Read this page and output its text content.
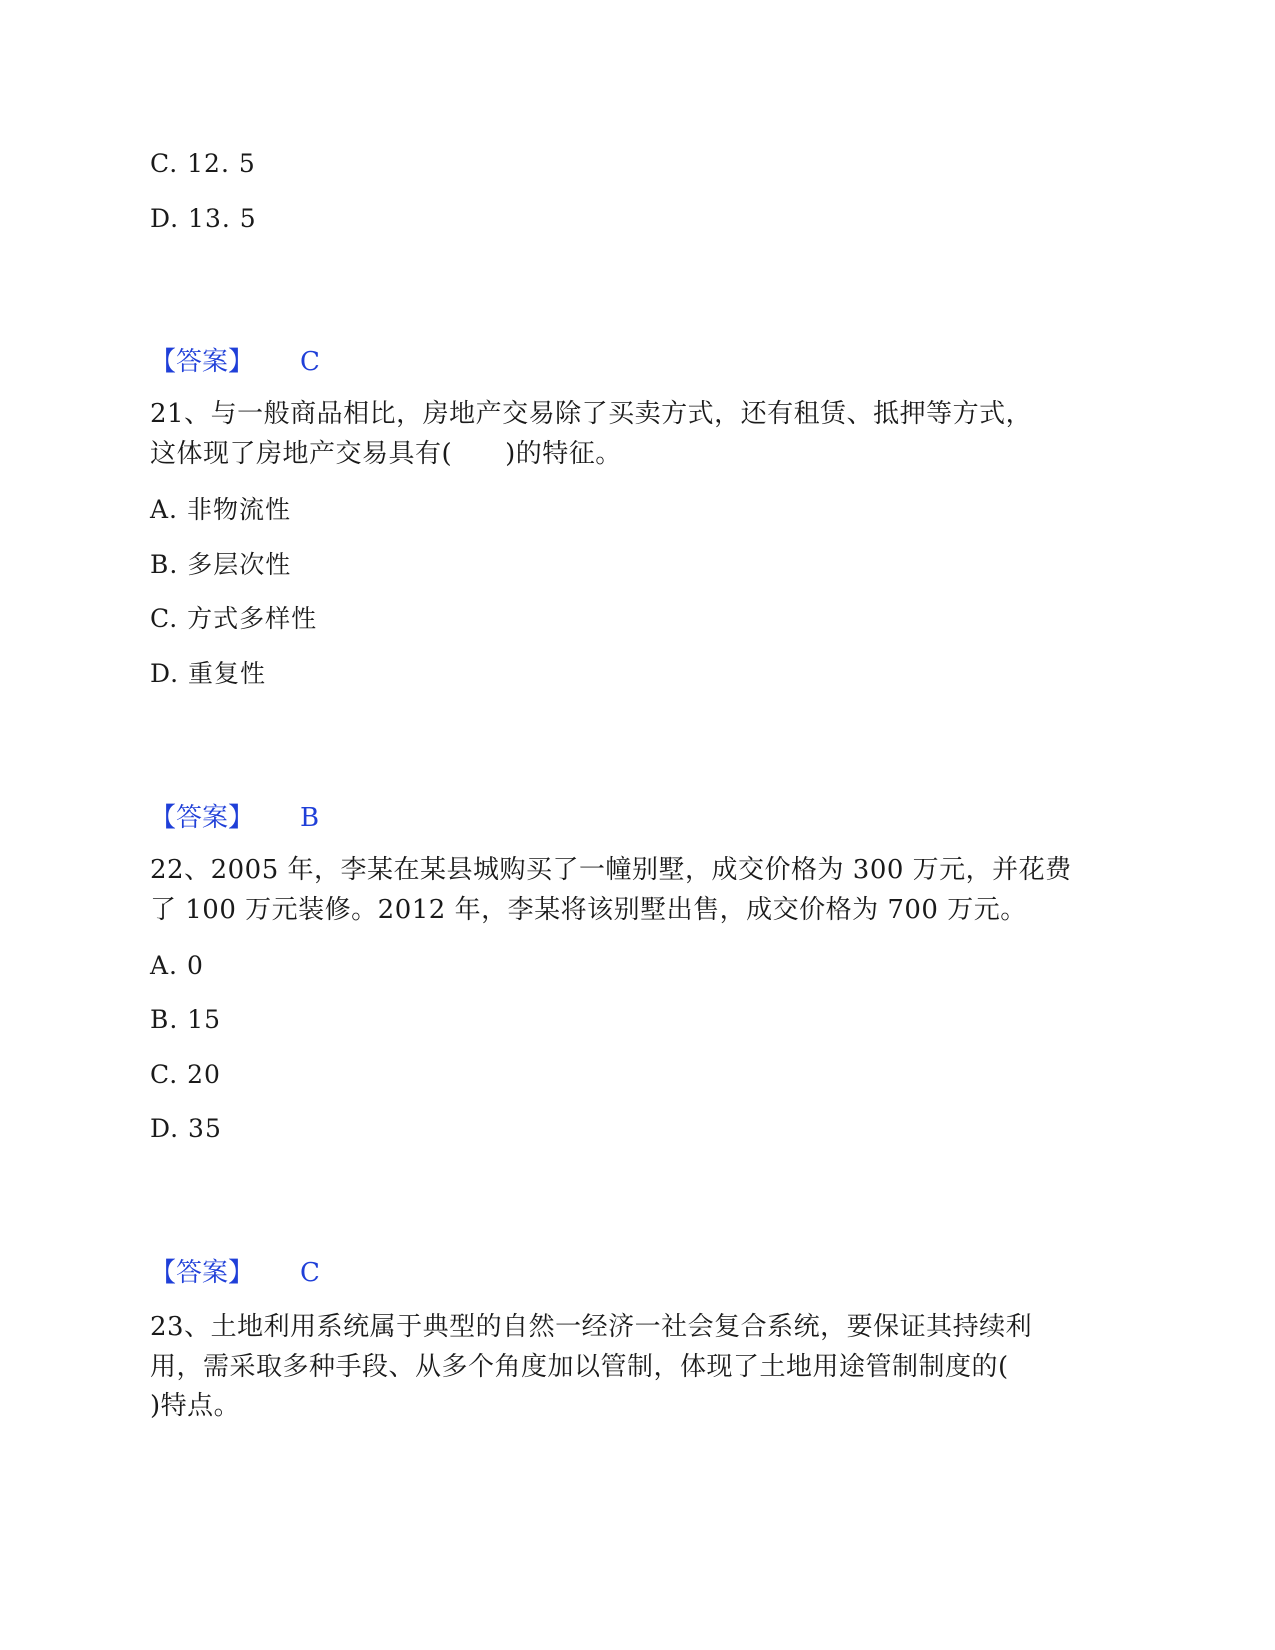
C. 12. 5
D. 13. 5
【答案】 C
21、与一般商品相比，房地产交易除了买卖方式，还有租赁、抵押等方式，
这体现了房地产交易具有(　　)的特征。
A. 非物流性
B. 多层次性
C. 方式多样性
D. 重复性
【答案】 B
22、2005 年，李某在某县城购买了一幢别墅，成交价格为 300 万元，并花费
了 100 万元装修。2012 年，李某将该别墅出售，成交价格为 700 万元。
A. 0
B. 15
C. 20
D. 35
【答案】 C
23、土地利用系统属于典型的自然一经济一社会复合系统，要保证其持续利
用，需采取多种手段、从多个角度加以管制，体现了土地用途管制制度的(
)特点。
